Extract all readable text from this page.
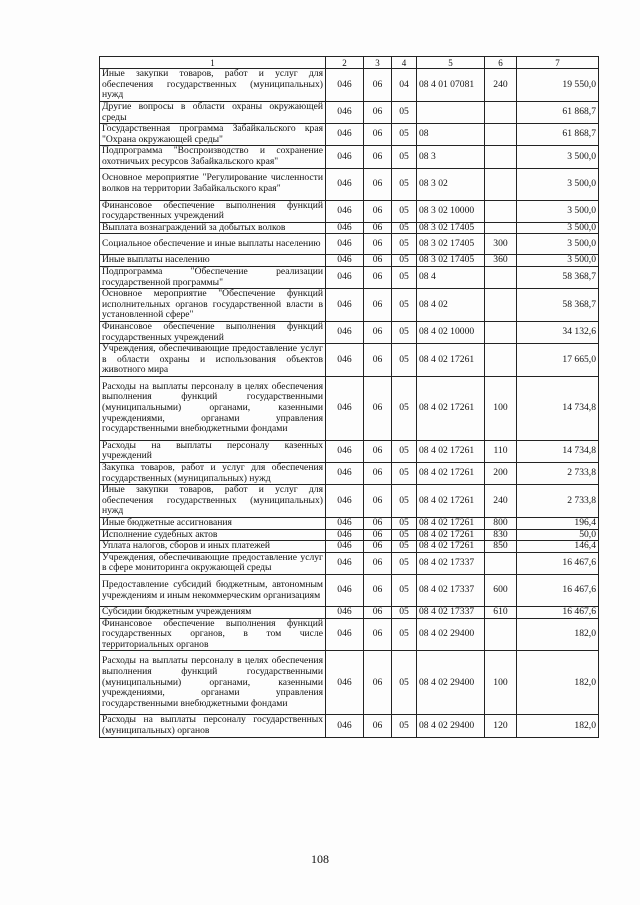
1	2	3	4	5	6	7
Иные закупки товаров, работ и услуг для обеспечения государственных (муниципальных) нужд	046	06	04	08 4 01 07081	240	19 550,0
Другие вопросы в области охраны окружающей среды	046	06	05			61 868,7
Государственная программа Забайкальского края "Охрана окружающей среды"	046	06	05	08		61 868,7
Подпрограмма "Воспроизводство и сохранение охотничьих ресурсов Забайкальского края"	046	06	05	08 3		3 500,0
Основное мероприятие "Регулирование численности волков на территории Забайкальского края"	046	06	05	08 3 02		3 500,0
Финансовое обеспечение выполнения функций государственных учреждений	046	06	05	08 3 02 10000		3 500,0
Выплата вознаграждений за добытых волков	046	06	05	08 3 02 17405		3 500,0
Социальное обеспечение и иные выплаты населению	046	06	05	08 3 02 17405	300	3 500,0
Иные выплаты населению	046	06	05	08 3 02 17405	360	3 500,0
Подпрограмма "Обеспечение реализации государственной программы"	046	06	05	08 4		58 368,7
Основное мероприятие "Обеспечение функций исполнительных органов государственной власти в установленной сфере"	046	06	05	08 4 02		58 368,7
Финансовое обеспечение выполнения функций государственных учреждений	046	06	05	08 4 02 10000		34 132,6
Учреждения, обеспечивающие предоставление услуг в области охраны и использования объектов животного мира	046	06	05	08 4 02 17261		17 665,0
Расходы на выплаты персоналу в целях обеспечения выполнения функций государственными (муниципальными) органами, казенными учреждениями, органами управления государственными внебюджетными фондами	046	06	05	08 4 02 17261	100	14 734,8
Расходы на выплаты персоналу казенных учреждений	046	06	05	08 4 02 17261	110	14 734,8
Закупка товаров, работ и услуг для обеспечения государственных (муниципальных) нужд	046	06	05	08 4 02 17261	200	2 733,8
Иные закупки товаров, работ и услуг для обеспечения государственных (муниципальных) нужд	046	06	05	08 4 02 17261	240	2 733,8
Иные бюджетные ассигнования	046	06	05	08 4 02 17261	800	196,4
Исполнение судебных актов	046	06	05	08 4 02 17261	830	50,0
Уплата налогов, сборов и иных платежей	046	06	05	08 4 02 17261	850	146,4
Учреждения, обеспечивающие предоставление услуг в сфере мониторинга окружающей среды	046	06	05	08 4 02 17337		16 467,6
Предоставление субсидий бюджетным, автономным учреждениям и иным некоммерческим организациям	046	06	05	08 4 02 17337	600	16 467,6
Субсидии бюджетным учреждениям	046	06	05	08 4 02 17337	610	16 467,6
Финансовое обеспечение выполнения функций государственных органов, в том числе территориальных органов	046	06	05	08 4 02 29400		182,0
Расходы на выплаты персоналу в целях обеспечения выполнения функций государственными (муниципальными) органами, казенными учреждениями, органами управления государственными внебюджетными фондами	046	06	05	08 4 02 29400	100	182,0
Расходы на выплаты персоналу государственных (муниципальных) органов	046	06	05	08 4 02 29400	120	182,0
108
